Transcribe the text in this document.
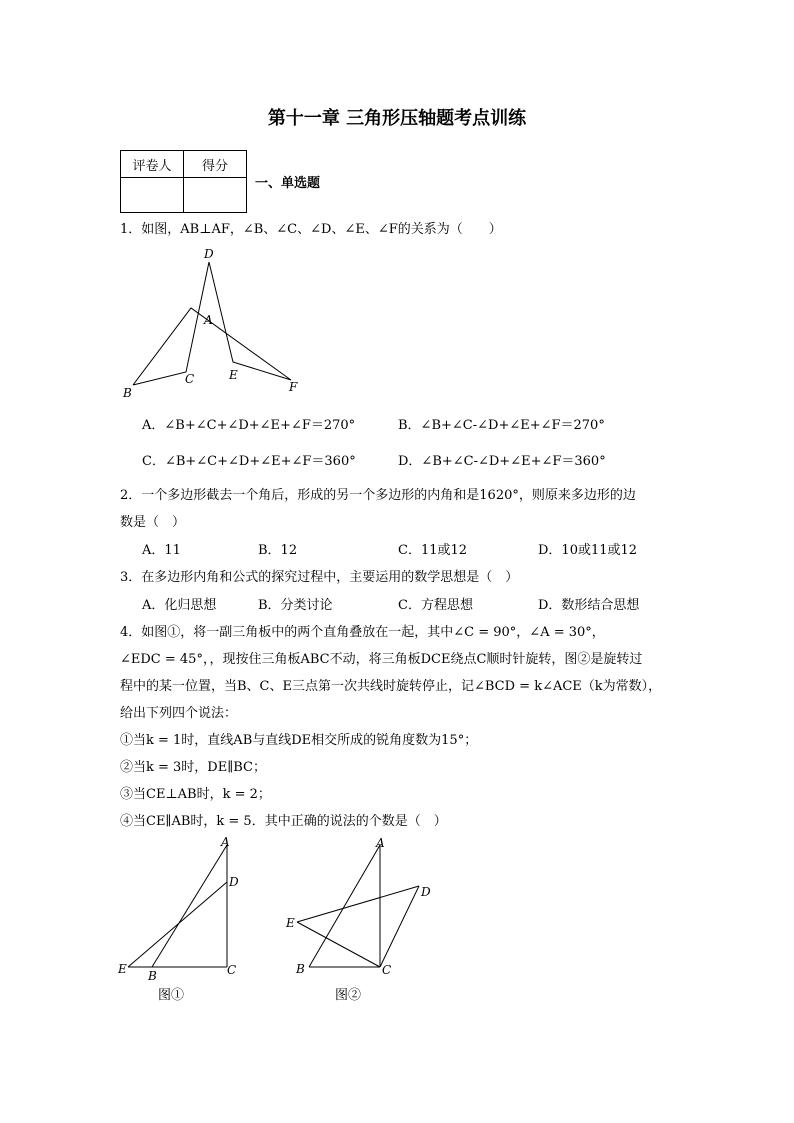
第十一章 三角形压轴题考点训练
评卷人	得分

一、单选题
1．如图，AB⊥AF，∠B、∠C、∠D、∠E、∠F的关系为（　　）
D
A
B
C	E
F
A．∠B+∠C+∠D+∠E+∠F＝270°	B．∠B+∠C-∠D+∠E+∠F＝270°
C．∠B+∠C+∠D+∠E+∠F＝360°	D．∠B+∠C-∠D+∠E+∠F＝360°
2．一个多边形截去一个角后，形成的另一个多边形的内角和是1620°，则原来多边形的边
数是（　）
A．11	B．12	C．11或12	D．10或11或12
3．在多边形内角和公式的探究过程中，主要运用的数学思想是（　）
A．化归思想	B．分类讨论	C．方程思想	D．数形结合思想
4．如图①，将一副三角板中的两个直角叠放在一起，其中∠C = 90°，∠A = 30°，
∠EDC = 45°，，现按住三角板ABC不动，将三角板DCE绕点C顺时针旋转，图②是旋转过
程中的某一位置，当B、C、E三点第一次共线时旋转停止，记∠BCD = k∠ACE（k为常数），
给出下列四个说法：
①当k = 1时，直线AB与直线DE相交所成的锐角度数为15°；
②当k = 3时，DE∥BC；
③当CE⊥AB时，k = 2；
④当CE∥AB时，k = 5．其中正确的说法的个数是（　）
A
D
E B	C
图①
A
D
E
B	C
图②
